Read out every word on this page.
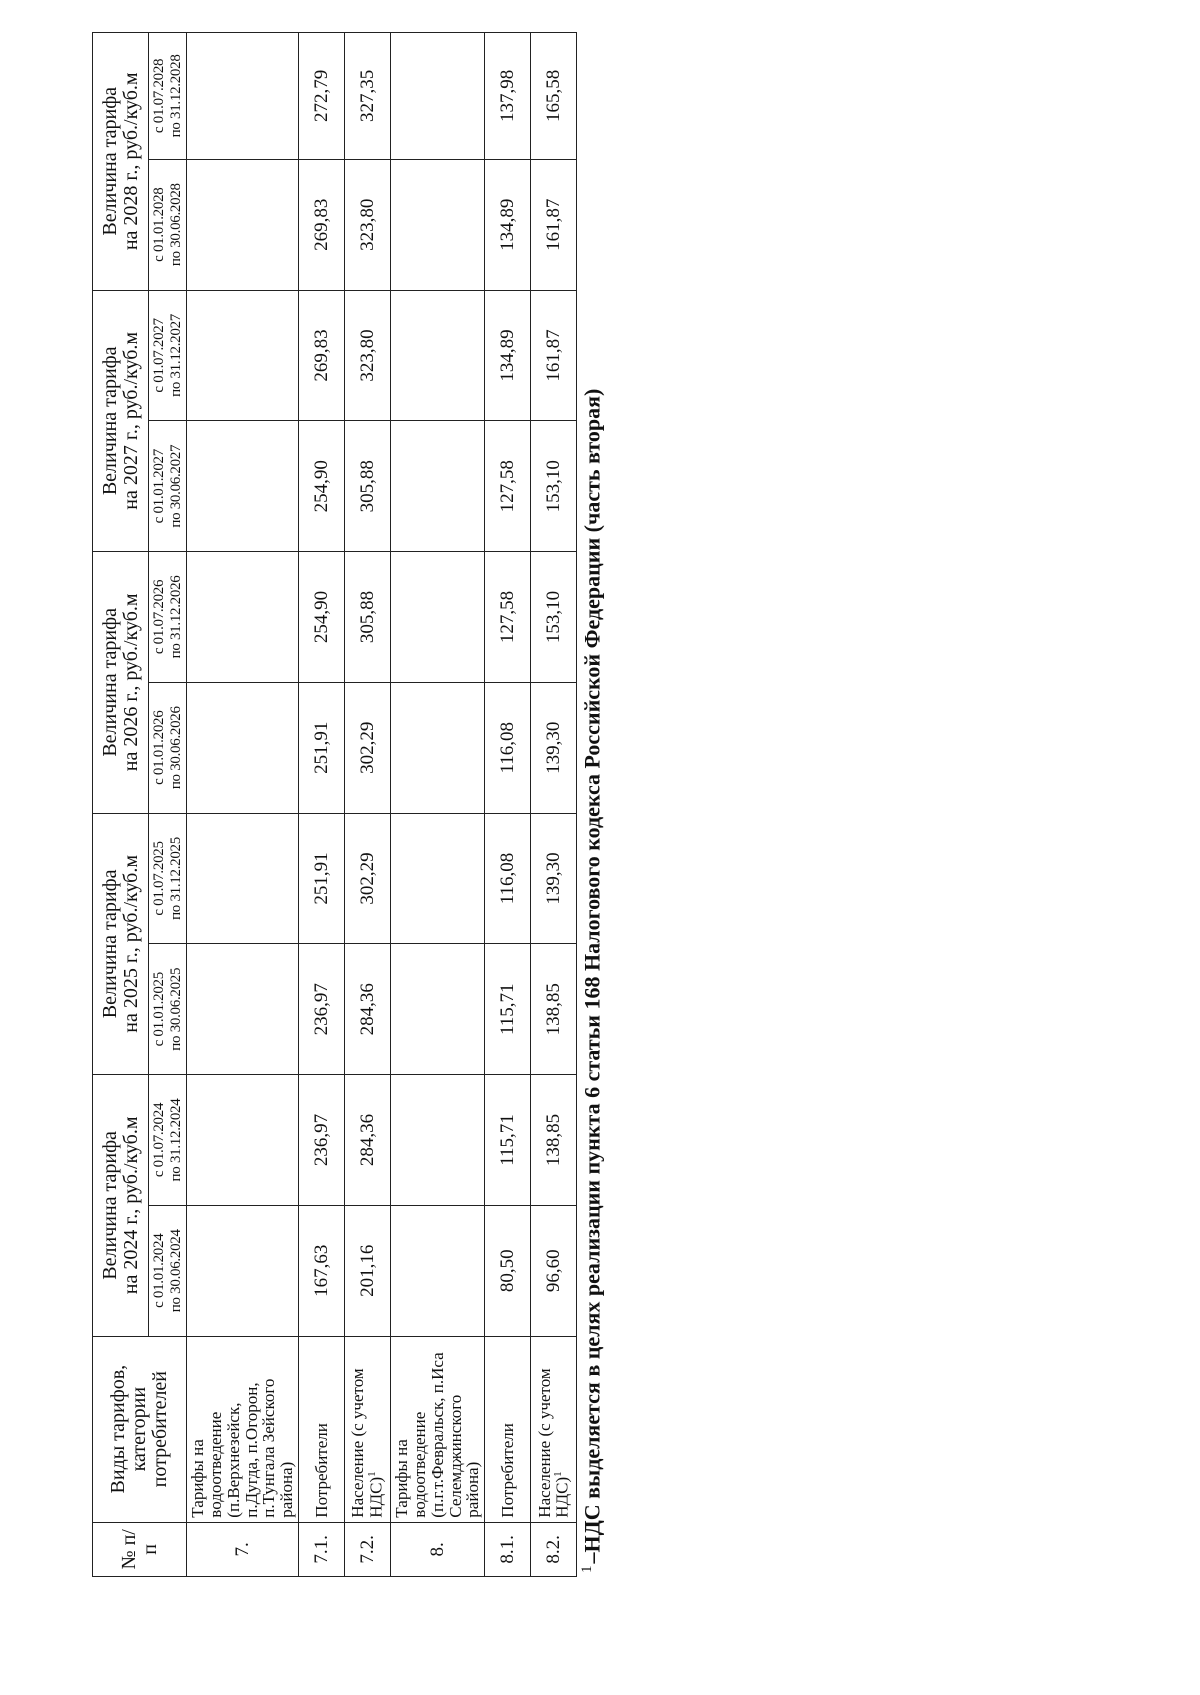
№ п/п	Виды тарифов, категории потребителей	Величина тарифа на 2024 г., руб./куб.м		Величина тарифа на 2025 г., руб./куб.м		Величина тарифа на 2026 г., руб./куб.м		Величина тарифа на 2027 г., руб./куб.м		Величина тарифа на 2028 г., руб./куб.м	

		с 01.01.2024 по 30.06.2024	с 01.07.2024 по 31.12.2024	с 01.01.2025 по 30.06.2025	с 01.07.2025 по 31.12.2025	с 01.01.2026 по 30.06.2026	с 01.07.2026 по 31.12.2026	с 01.01.2027 по 30.06.2027	с 01.07.2027 по 31.12.2027	с 01.01.2028 по 30.06.2028	с 01.07.2028 по 31.12.2028

7.	Тарифы на водоотведение (п.Верхнезейск, п.Дугда, п.Огорон, п.Тунгала Зейского района)										
7.1.	Потребители	167,63	236,97	236,97	251,91	251,91	254,90	254,90	269,83	269,83	272,79
7.2.	Население (с учетом НДС)$^1$	201,16	284,36	284,36	302,29	302,29	305,88	305,88	323,80	323,80	327,35
8.	Тарифы на водоотведение (п.г.т.Февральск, п.Иса Селемджинского района)										
8.1.	Потребители	80,50	115,71	115,71	116,08	116,08	127,58	127,58	134,89	134,89	137,98
8.2.	Население (с учетом НДС)$^1$	96,60	138,85	138,85	139,30	139,30	153,10	153,10	161,87	161,87	165,58
$^1$–НДС выделяется в целях реализации пункта 6 статьи 168 Налогового кодекса Российской Федерации (часть вторая)
